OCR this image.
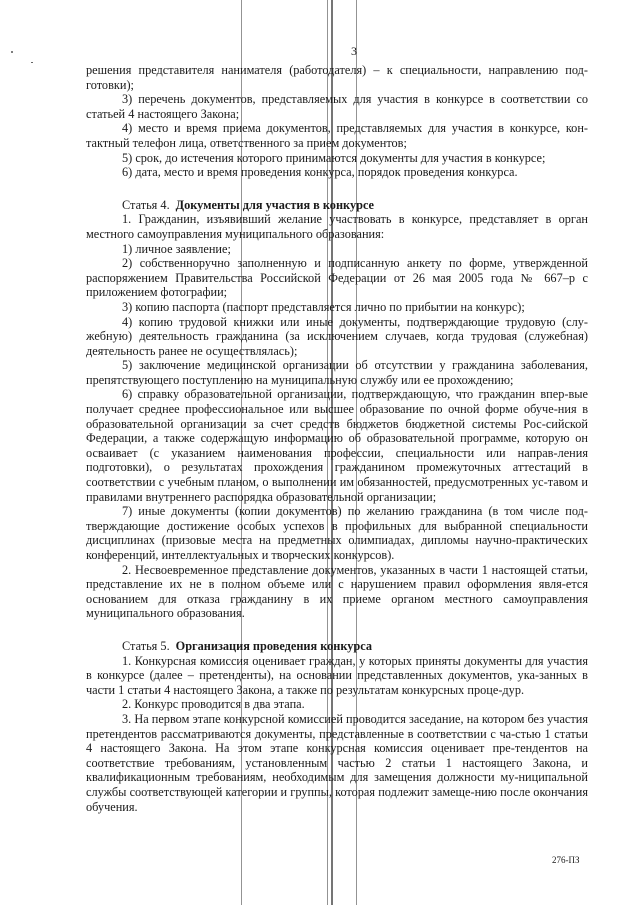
3

решения представителя нанимателя (работодателя) – к специальности, направлению под-готовки);

3) перечень документов, представляемых для участия в конкурсе в соответствии со статьей 4 настоящего Закона;

4) место и время приема документов, представляемых для участия в конкурсе, кон-тактный телефон лица, ответственного за прием документов;

5) срок, до истечения которого принимаются документы для участия в конкурсе;

6) дата, место и время проведения конкурса, порядок проведения конкурса.

Статья 4. Документы для участия в конкурсе

1. Гражданин, изъявивший желание участвовать в конкурсе, представляет в орган местного самоуправления муниципального образования:

1) личное заявление;

2) собственноручно заполненную и подписанную анкету по форме, утвержденной распоряжением Правительства Российской Федерации от 26 мая 2005 года № 667–р с приложением фотографии;

3) копию паспорта (паспорт представляется лично по прибытии на конкурс);

4) копию трудовой книжки или иные документы, подтверждающие трудовую (слу-жебную) деятельность гражданина (за исключением случаев, когда трудовая (служебная) деятельность ранее не осуществлялась);

5) заключение медицинской организации об отсутствии у гражданина заболевания, препятствующего поступлению на муниципальную службу или ее прохождению;

6) справку образовательной организации, подтверждающую, что гражданин впер-вые получает среднее профессиональное или высшее образование по очной форме обуче-ния в образовательной организации за счет средств бюджетов бюджетной системы Рос-сийской Федерации, а также содержащую информацию об образовательной программе, которую он осваивает (с указанием наименования профессии, специальности или направ-ления подготовки), о результатах прохождения гражданином промежуточных аттестаций в соответствии с учебным планом, о выполнении им обязанностей, предусмотренных ус-тавом и правилами внутреннего распорядка образовательной организации;

7) иные документы (копии документов) по желанию гражданина (в том числе под-тверждающие достижение особых успехов в профильных для выбранной специальности дисциплинах (призовые места на предметных олимпиадах, дипломы научно-практических конференций, интеллектуальных и творческих конкурсов).

2. Несвоевременное представление документов, указанных в части 1 настоящей статьи, представление их не в полном объеме или с нарушением правил оформления явля-ется основанием для отказа гражданину в их приеме органом местного самоуправления муниципального образования.

Статья 5. Организация проведения конкурса

1. Конкурсная комиссия оценивает граждан, у которых приняты документы для участия в конкурсе (далее – претенденты), на основании представленных документов, ука-занных в части 1 статьи 4 настоящего Закона, а также по результатам конкурсных проце-дур.

2. Конкурс проводится в два этапа.

3. На первом этапе конкурсной комиссией проводится заседание, на котором без участия претендентов рассматриваются документы, представленные в соответствии с ча-стью 1 статьи 4 настоящего Закона. На этом этапе конкурсная комиссия оценивает пре-тендентов на соответствие требованиям, установленным частью 2 статьи 1 настоящего Закона, и квалификационным требованиям, необходимым для замещения должности му-ниципальной службы соответствующей категории и группы, которая подлежит замеще-нию после окончания обучения.

276-ПЗ
